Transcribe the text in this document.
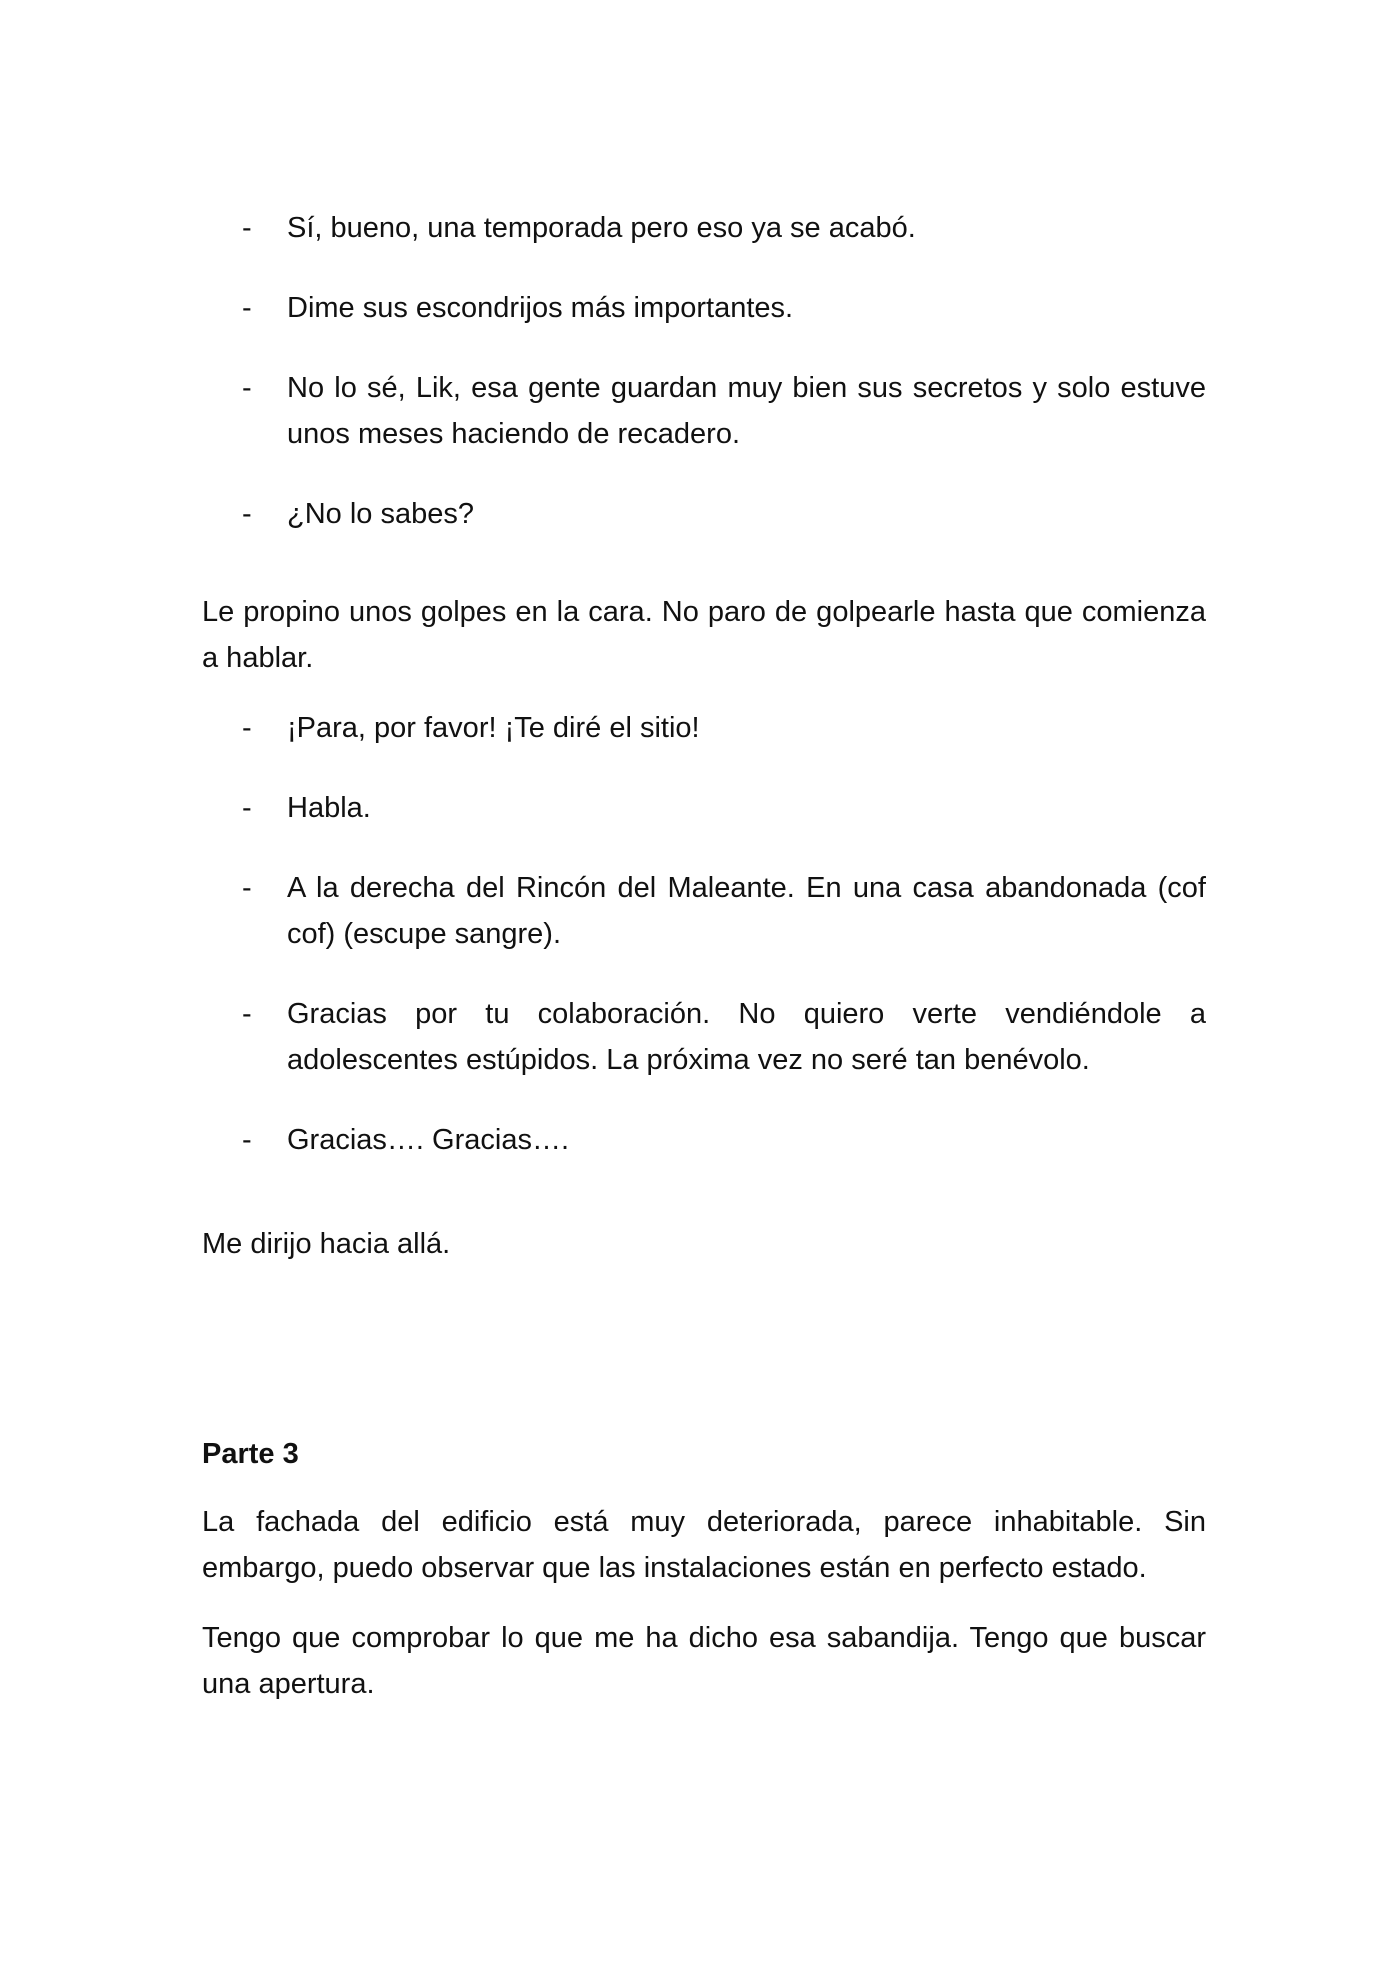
- Sí, bueno, una temporada pero eso ya se acabó.
- Dime sus escondrijos más importantes.
- No lo sé, Lik, esa gente guardan muy bien sus secretos y solo estuve unos meses haciendo de recadero.
- ¿No lo sabes?

Le propino unos golpes en la cara. No paro de golpearle hasta que comienza a hablar.

- ¡Para, por favor! ¡Te diré el sitio!
- Habla.
- A la derecha del Rincón del Maleante. En una casa abandonada (cof cof) (escupe sangre).
- Gracias por tu colaboración. No quiero verte vendiéndole a adolescentes estúpidos. La próxima vez no seré tan benévolo.
- Gracias…. Gracias….

Me dirijo hacia allá.

Parte 3

La fachada del edificio está muy deteriorada, parece inhabitable. Sin embargo, puedo observar que las instalaciones están en perfecto estado.

Tengo que comprobar lo que me ha dicho esa sabandija. Tengo que buscar una apertura.
